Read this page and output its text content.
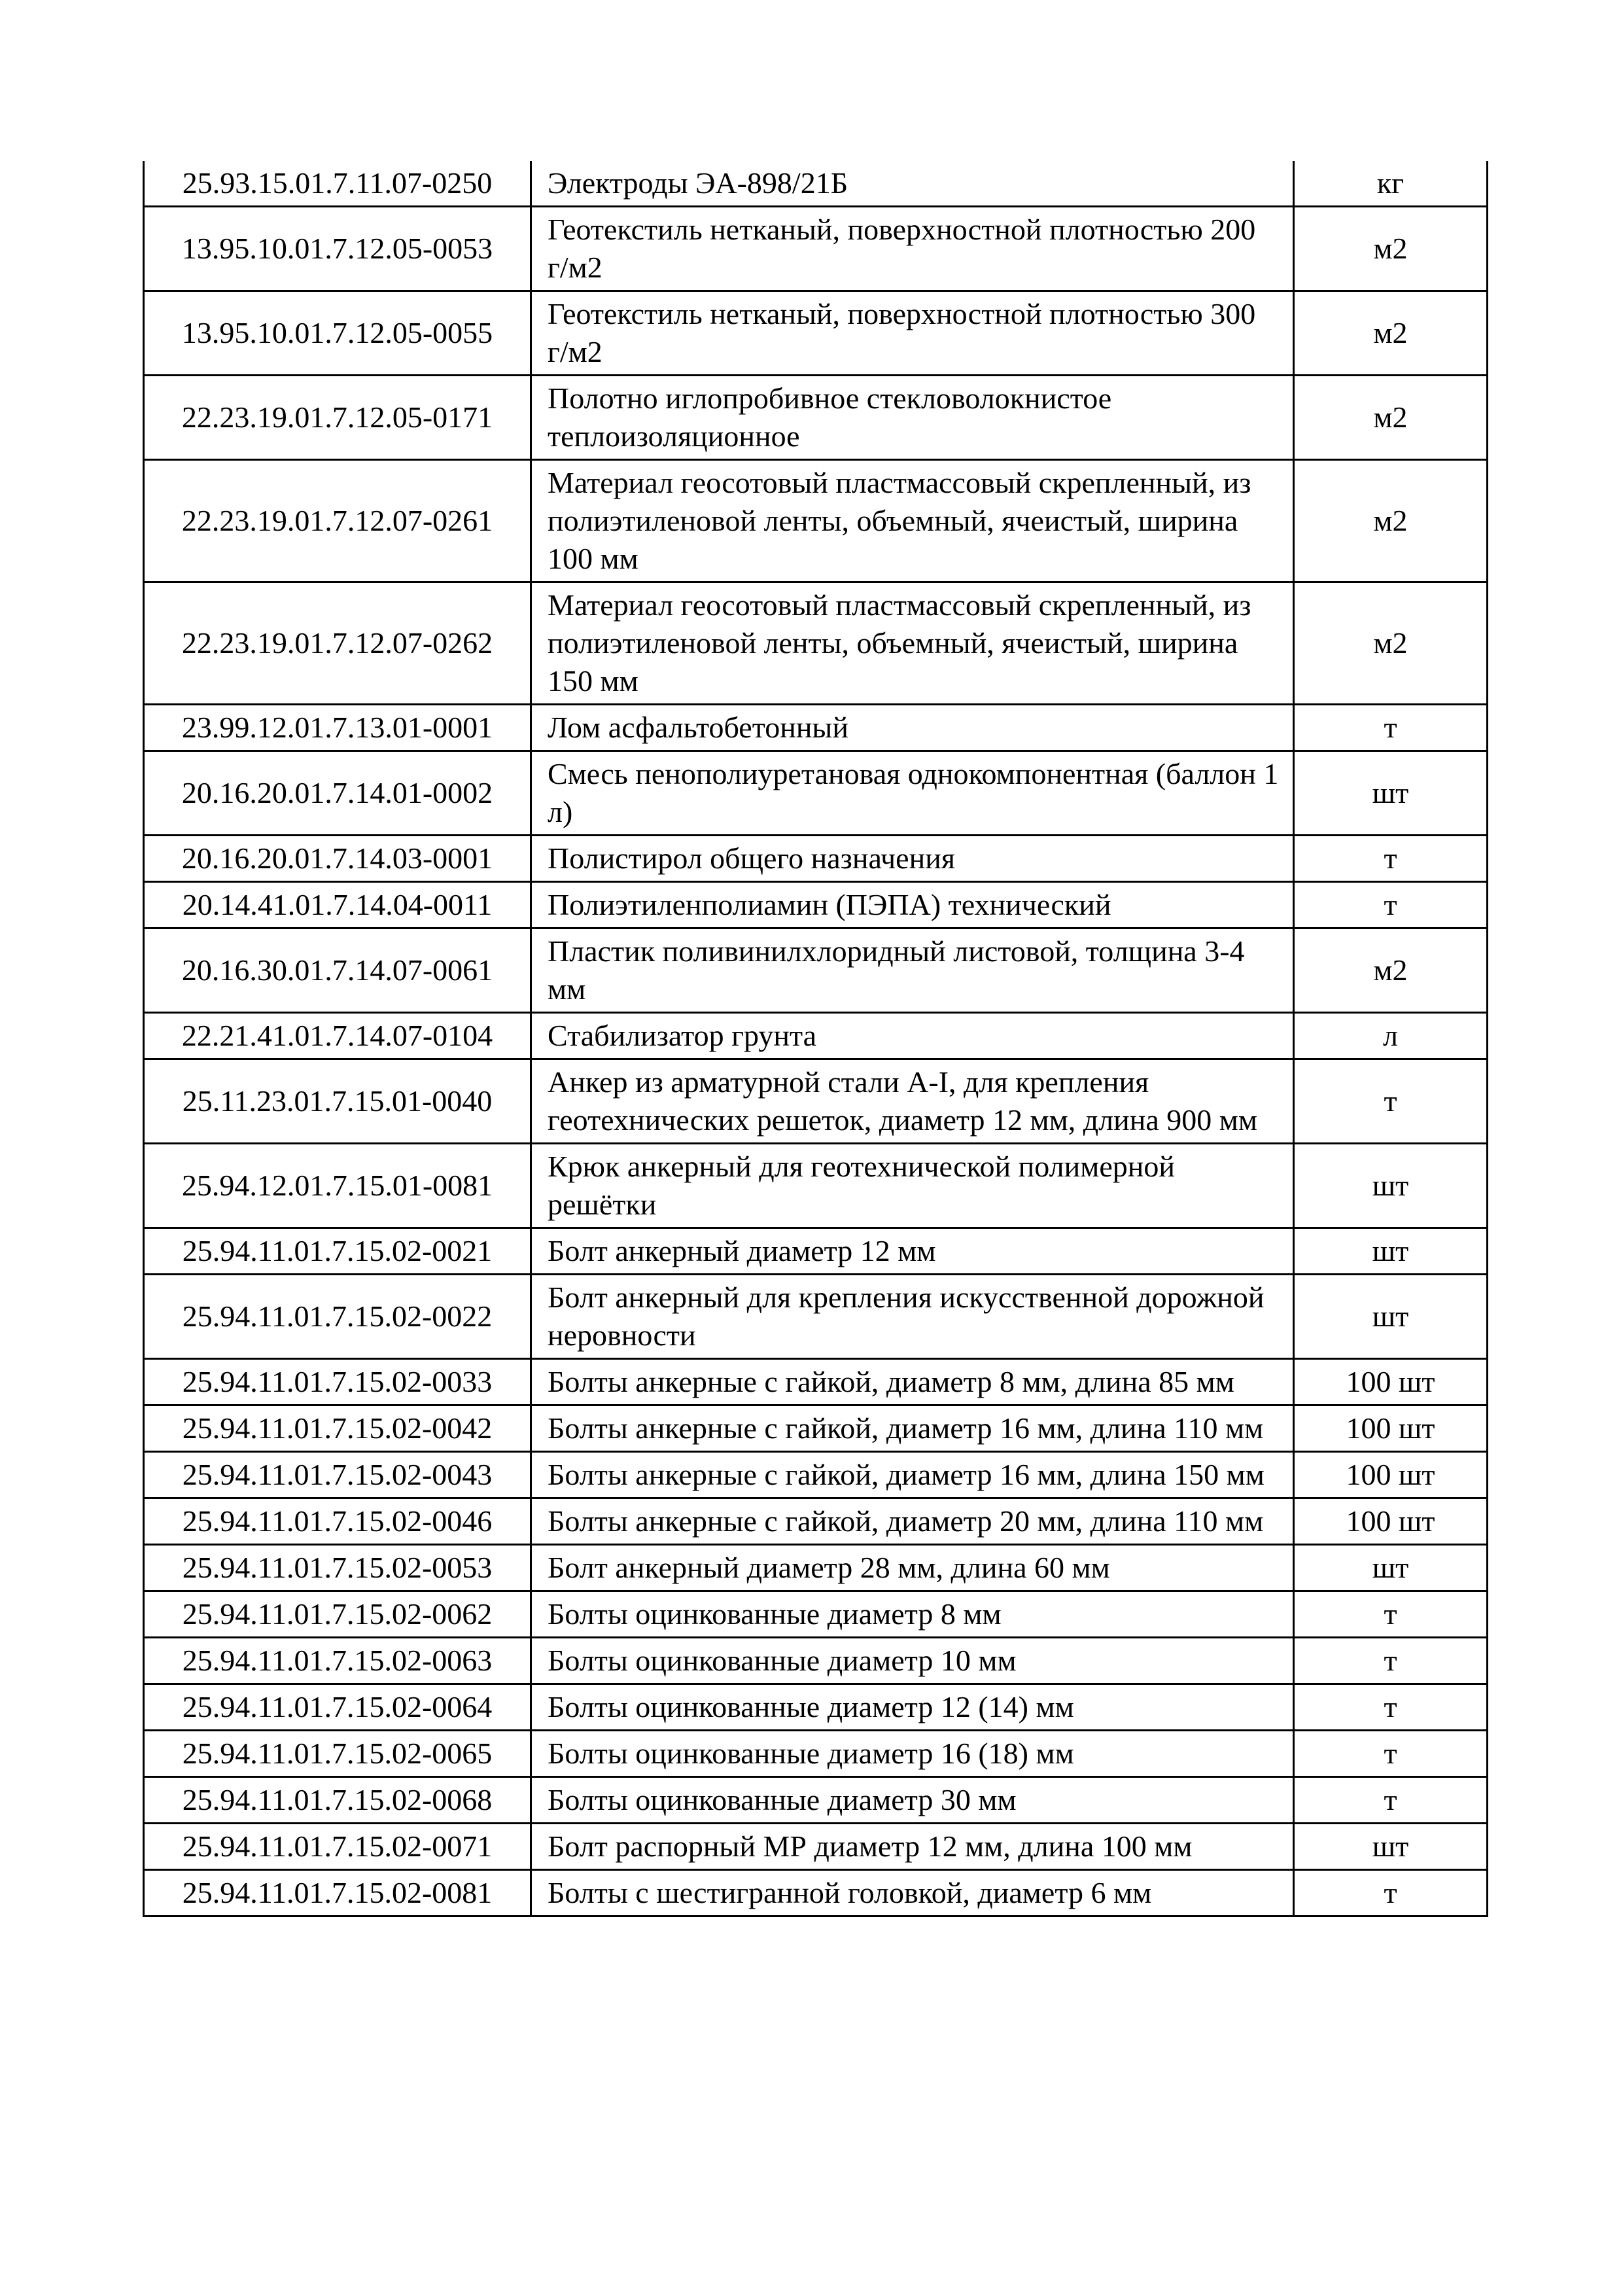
25.93.15.01.7.11.07-0250	Электроды ЭА-898/21Б	кг
13.95.10.01.7.12.05-0053	Геотекстиль нетканый, поверхностной плотностью 200 г/м2	м2
13.95.10.01.7.12.05-0055	Геотекстиль нетканый, поверхностной плотностью 300 г/м2	м2
22.23.19.01.7.12.05-0171	Полотно иглопробивное стекловолокнистое теплоизоляционное	м2
22.23.19.01.7.12.07-0261	Материал геосотовый пластмассовый скрепленный, из полиэтиленовой ленты, объемный, ячеистый, ширина 100 мм	м2
22.23.19.01.7.12.07-0262	Материал геосотовый пластмассовый скрепленный, из полиэтиленовой ленты, объемный, ячеистый, ширина 150 мм	м2
23.99.12.01.7.13.01-0001	Лом асфальтобетонный	т
20.16.20.01.7.14.01-0002	Смесь пенополиуретановая однокомпонентная (баллон 1 л)	шт
20.16.20.01.7.14.03-0001	Полистирол общего назначения	т
20.14.41.01.7.14.04-0011	Полиэтиленполиамин (ПЭПА) технический	т
20.16.30.01.7.14.07-0061	Пластик поливинилхлоридный листовой, толщина 3-4 мм	м2
22.21.41.01.7.14.07-0104	Стабилизатор грунта	л
25.11.23.01.7.15.01-0040	Анкер из арматурной стали А-I, для крепления геотехнических решеток, диаметр 12 мм, длина 900 мм	т
25.94.12.01.7.15.01-0081	Крюк анкерный для геотехнической полимерной решётки	шт
25.94.11.01.7.15.02-0021	Болт анкерный диаметр 12 мм	шт
25.94.11.01.7.15.02-0022	Болт анкерный для крепления искусственной дорожной неровности	шт
25.94.11.01.7.15.02-0033	Болты анкерные с гайкой, диаметр 8 мм, длина 85 мм	100 шт
25.94.11.01.7.15.02-0042	Болты анкерные с гайкой, диаметр 16 мм, длина 110 мм	100 шт
25.94.11.01.7.15.02-0043	Болты анкерные с гайкой, диаметр 16 мм, длина 150 мм	100 шт
25.94.11.01.7.15.02-0046	Болты анкерные с гайкой, диаметр 20 мм, длина 110 мм	100 шт
25.94.11.01.7.15.02-0053	Болт анкерный диаметр 28 мм, длина 60 мм	шт
25.94.11.01.7.15.02-0062	Болты оцинкованные диаметр 8 мм	т
25.94.11.01.7.15.02-0063	Болты оцинкованные диаметр 10 мм	т
25.94.11.01.7.15.02-0064	Болты оцинкованные диаметр 12 (14) мм	т
25.94.11.01.7.15.02-0065	Болты оцинкованные диаметр 16 (18) мм	т
25.94.11.01.7.15.02-0068	Болты оцинкованные диаметр 30 мм	т
25.94.11.01.7.15.02-0071	Болт распорный МР диаметр 12 мм, длина 100 мм	шт
25.94.11.01.7.15.02-0081	Болты с шестигранной головкой, диаметр 6 мм	т
